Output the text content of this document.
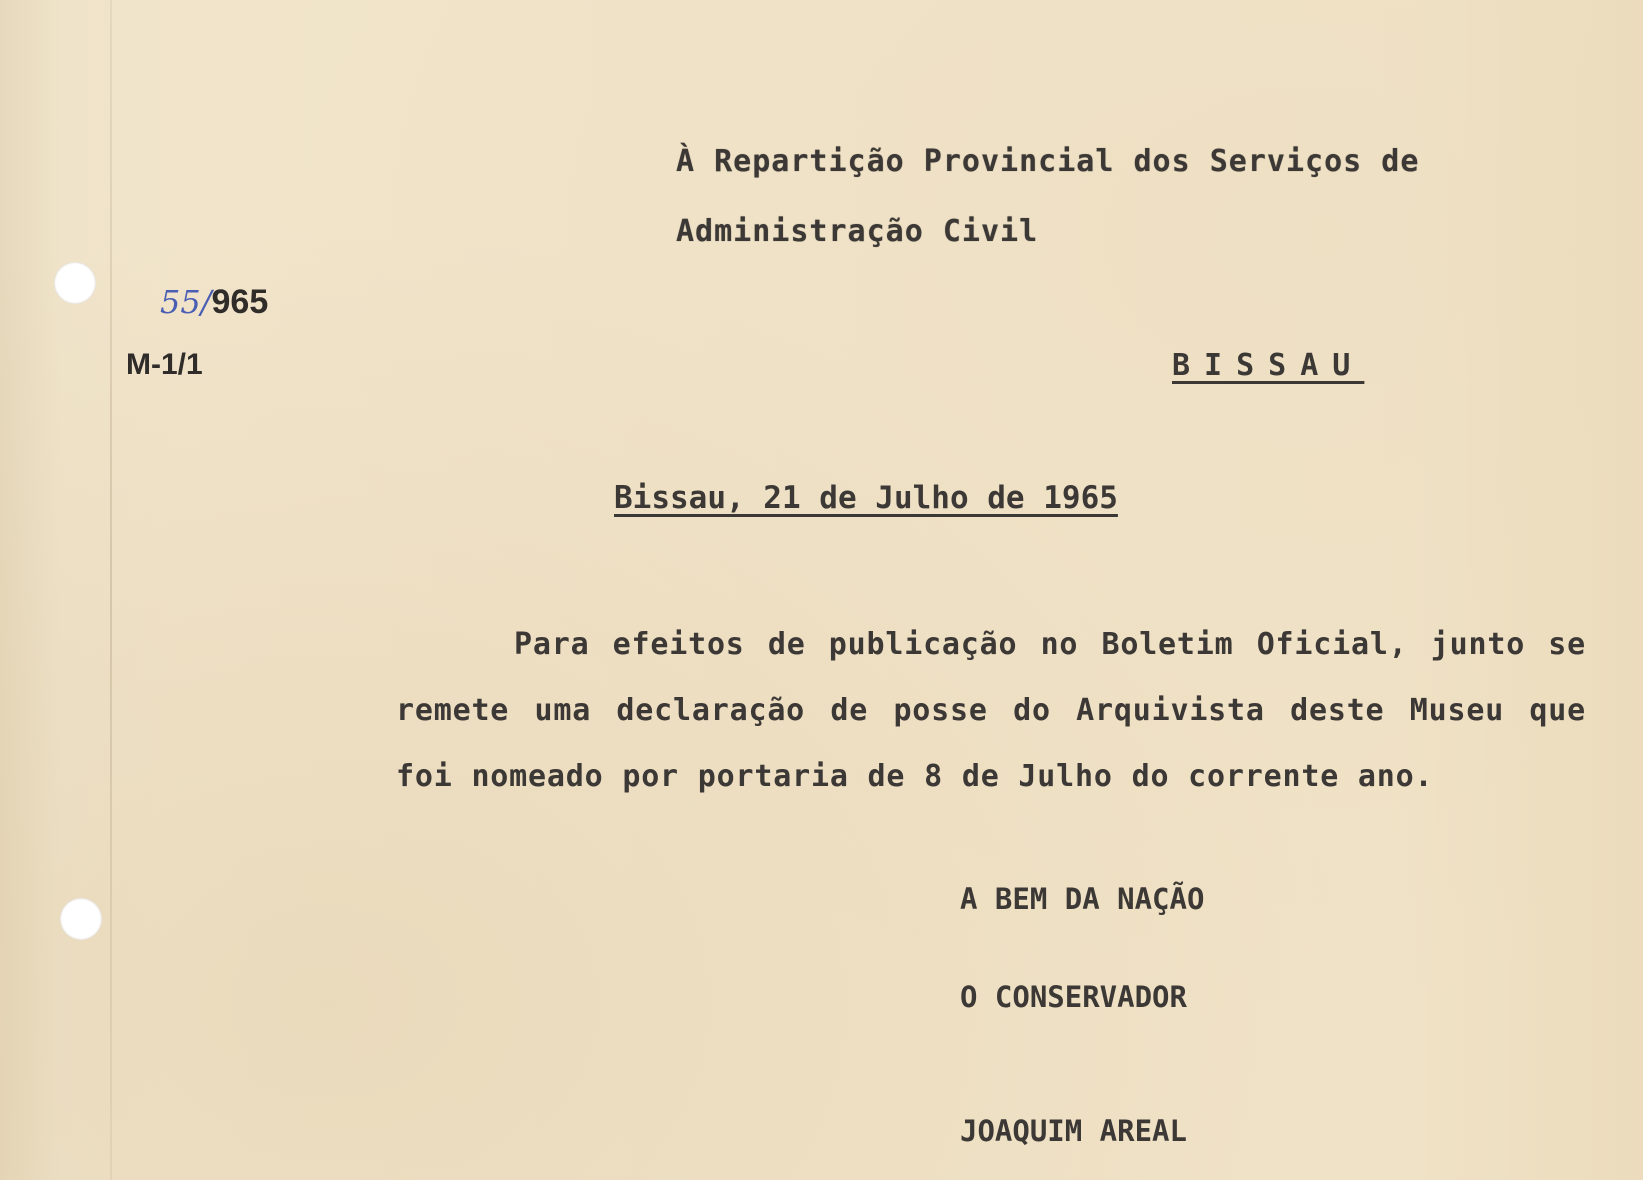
À Repartição Provincial dos Serviços de
Administração Civil
55/965
M-1/1	BISSAU
Bissau, 21 de Julho de 1965
Para efeitos de publicação no Boletim Oficial, junto se remete uma declaração de posse do Arquivista deste Museu que foi nomeado por portaria de 8 de Julho do corrente ano.
A BEM DA NAÇÃO
O CONSERVADOR
JOAQUIM AREAL
